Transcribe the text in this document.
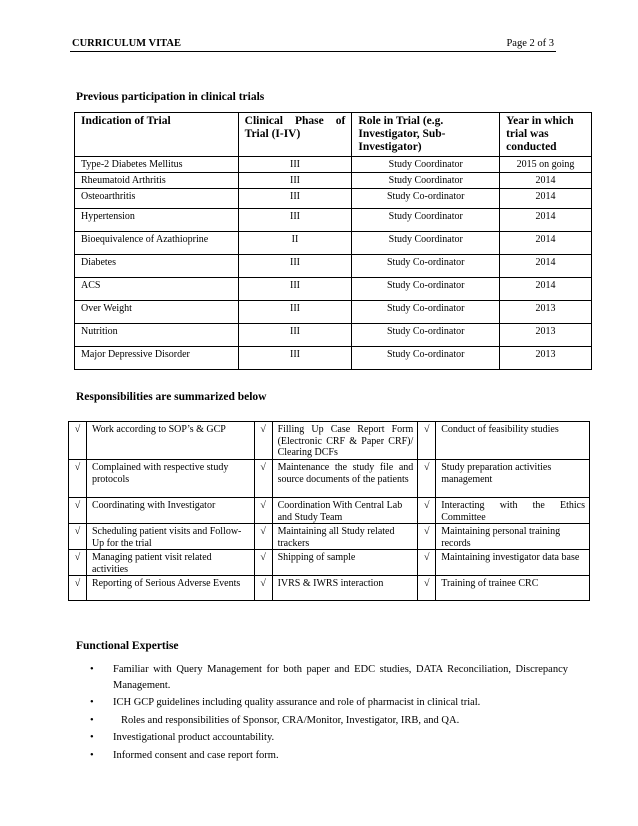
CURRICULUM VITAE	Page 2 of 3
Previous participation in clinical trials
Indication of Trial	Clinical Phase of Trial (I-IV)	Role in Trial (e.g. Investigator, Sub-Investigator)	Year in which trial was conducted
Type-2 Diabetes Mellitus	III	Study Coordinator	2015 on going
Rheumatoid Arthritis	III	Study Coordinator	2014
Osteoarthritis	III	Study Co-ordinator	2014
Hypertension	III	Study Coordinator	2014
Bioequivalence of Azathioprine	II	Study Coordinator	2014
Diabetes	III	Study Co-ordinator	2014
ACS	III	Study Co-ordinator	2014
Over Weight	III	Study Co-ordinator	2013
Nutrition	III	Study Co-ordinator	2013
Major Depressive Disorder	III	Study Co-ordinator	2013
Responsibilities are summarized below
√	Work according to SOP’s & GCP	√	Filling Up Case Report Form (Electronic CRF & Paper CRF)/ Clearing DCFs	√	Conduct of feasibility studies
√	Complained with respective study protocols	√	Maintenance the study file and source documents of the patients	√	Study preparation activities management
√	Coordinating with Investigator	√	Coordination With Central Lab and Study Team	√	Interacting with the Ethics Committee
√	Scheduling patient visits and Follow-Up for the trial	√	Maintaining all Study related trackers	√	Maintaining personal training records
√	Managing patient visit related activities	√	Shipping of sample	√	Maintaining investigator data base
√	Reporting of Serious Adverse Events	√	IVRS & IWRS interaction	√	Training of trainee CRC
Functional Expertise
• Familiar with Query Management for both paper and EDC studies, DATA Reconciliation, Discrepancy Management.
• ICH GCP guidelines including quality assurance and role of pharmacist in clinical trial.
•	Roles and responsibilities of Sponsor, CRA/Monitor, Investigator, IRB, and QA.
• Investigational product accountability.
• Informed consent and case report form.
